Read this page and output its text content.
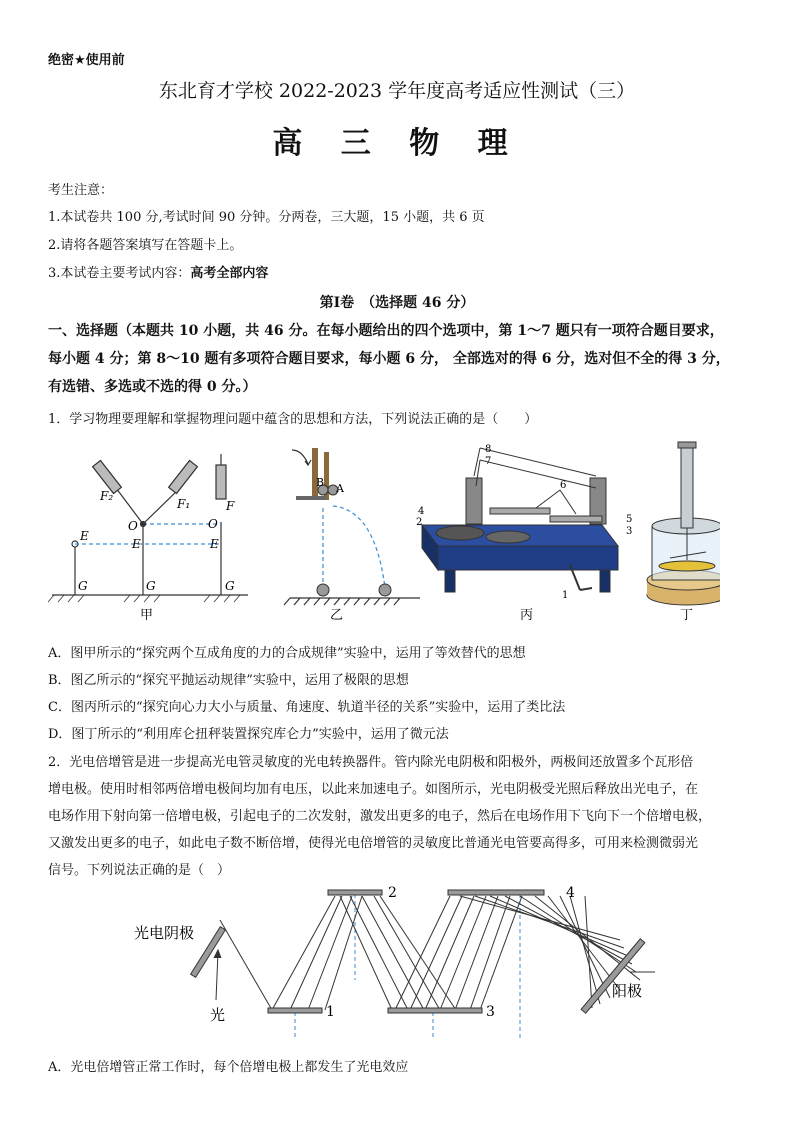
绝密★使用前
东北育才学校 2022-2023 学年度高考适应性测试（三）
高 三 物 理
考生注意：
1.本试卷共 100 分,考试时间 90 分钟。分两卷，三大题，15 小题，共 6 页
2.请将各题答案填写在答题卡上。
3.本试卷主要考试内容：高考全部内容
第Ⅰ卷　（选择题 46 分）
一、选择题（本题共 10 小题，共 46 分。在每小题给出的四个选项中，第 1～7 题只有一项符合题目要求，
每小题 4 分；第 8～10 题有多项符合题目要求，每小题 6 分， 全部选对的得 6 分，选对但不全的得 3 分，
有选错、多选或不选的得 0 分。）
1．学习物理要理解和掌握物理问题中蕴含的思想和方法，下列说法正确的是（　　）
F₂
F₁	F
O	O
E
E	E
G	G	G
甲
B A
乙
8
7
6
2
4
5
3
1
丙	丁
A．图甲所示的“探究两个互成角度的力的合成规律”实验中，运用了等效替代的思想
B．图乙所示的“探究平抛运动规律”实验中，运用了极限的思想
C．图丙所示的“探究向心力大小与质量、角速度、轨道半径的关系”实验中，运用了类比法
D．图丁所示的“利用库仑扭秤装置探究库仑力”实验中，运用了微元法
2．光电倍增管是进一步提高光电管灵敏度的光电转换器件。管内除光电阴极和阳极外，两极间还放置多个瓦形倍
增电极。使用时相邻两倍增电极间均加有电压，以此来加速电子。如图所示，光电阴极受光照后释放出光电子，在
电场作用下射向第一倍增电极，引起电子的二次发射，激发出更多的电子，然后在电场作用下飞向下一个倍增电极，
又激发出更多的电子，如此电子数不断倍增，使得光电倍增管的灵敏度比普通光电管要高得多，可用来检测微弱光
信号。下列说法正确的是（　）
光电阴极
光
阳极
1
2
3
4
A．光电倍增管正常工作时，每个倍增电极上都发生了光电效应
